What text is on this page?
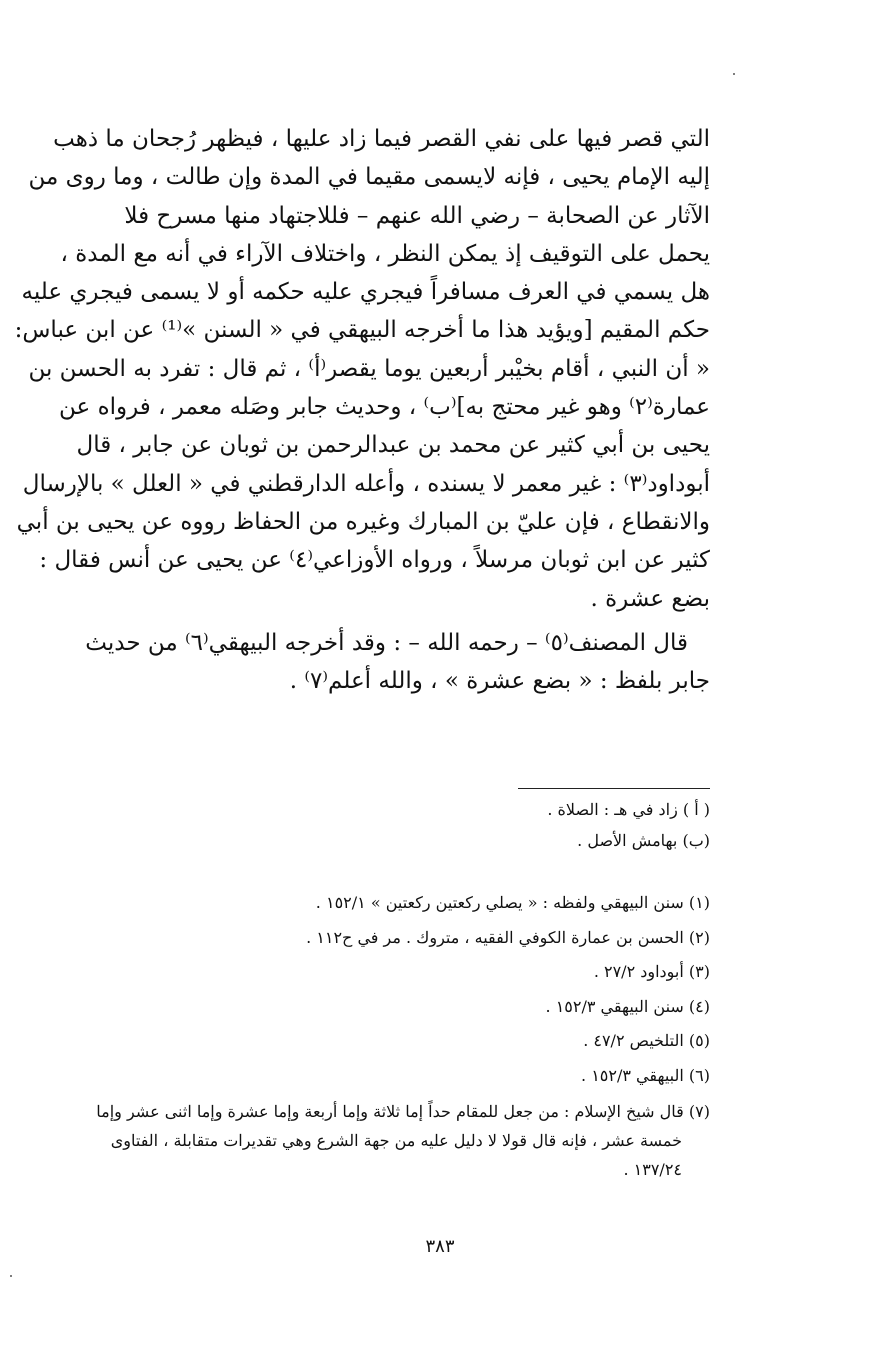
التي قصر فيها على نفي القصر فيما زاد عليها ، فيظهر رُجحان ما ذهب
إليه الإمام يحيى ، فإنه لايسمى مقيما في المدة وإن طالت ، وما روى من
الآثار عن الصحابة – رضي الله عنهم – فللاجتهاد منها مسرح فلا
يحمل على التوقيف إذ يمكن النظر ، واختلاف الآراء في أنه مع المدة ،
هل يسمي في العرف مسافراً فيجري عليه حكمه أو لا يسمى فيجري عليه
حكم المقيم [ويؤيد هذا ما أخرجه البيهقي في « السنن »⁽¹⁾ عن ابن عباس:
« أن النبي ، أقام بخيْبر أربعين يوما يقصر⁽أ⁾ ، ثم قال : تفرد به الحسن بن
عمارة⁽٢⁾ وهو غير محتج به]⁽ب⁾ ، وحديث جابر وصَله معمر ، فرواه عن
يحيى بن أبي كثير عن محمد بن عبدالرحمن بن ثوبان عن جابر ، قال
أبوداود⁽٣⁾ : غير معمر لا يسنده ، وأعله الدارقطني في « العلل » بالإرسال
والانقطاع ، فإن عليّ بن المبارك وغيره من الحفاظ رووه عن يحيى بن أبي
كثير عن ابن ثوبان مرسلاً ، ورواه الأوزاعي⁽٤⁾ عن يحيى عن أنس فقال :
بضع عشرة .

قال المصنف⁽٥⁾ – رحمه الله – : وقد أخرجه البيهقي⁽٦⁾ من حديث
جابر بلفظ : « بضع عشرة » ، والله أعلم⁽٧⁾ .

( أ ) زاد في هـ : الصلاة .
(ب) بهامش الأصل .
(١) سنن البيهقي ولفظه : « يصلي ركعتين ركعتين » ١٥٢/١ .
(٢) الحسن بن عمارة الكوفي الفقيه ، متروك . مر في ح١١٢ .
(٣) أبوداود ٢٧/٢ .
(٤) سنن البيهقي ١٥٢/٣ .
(٥) التلخيص ٤٧/٢ .
(٦) البيهقي ١٥٢/٣ .
(٧) قال شيخ الإسلام : من جعل للمقام حداً إما ثلاثة وإما أربعة وإما عشرة وإما اثنى عشر وإما
خمسة عشر ، فإنه قال قولا لا دليل عليه من جهة الشرع وهي تقديرات متقابلة ، الفتاوى
١٣٧/٢٤ .
٣٨٣
